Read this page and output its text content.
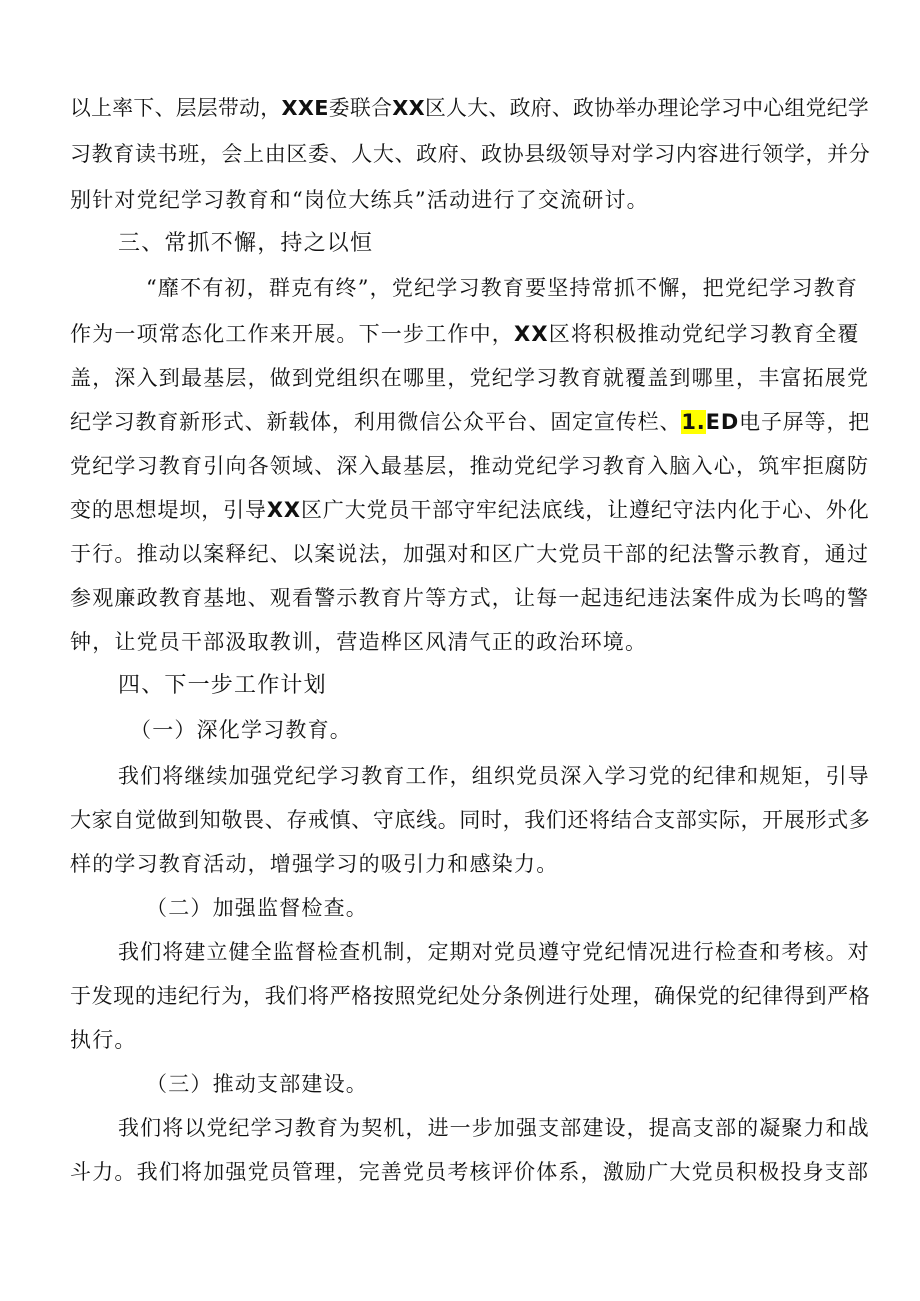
以上率下、层层带动，XXE委联合XX区人大、政府、政协举办理论学习中心组党纪学
习教育读书班，会上由区委、人大、政府、政协县级领导对学习内容进行领学，并分
别针对党纪学习教育和“岗位大练兵”活动进行了交流研讨。
三、常抓不懈，持之以恒
“靡不有初，群克有终”，党纪学习教育要坚持常抓不懈，把党纪学习教育
作为一项常态化工作来开展。下一步工作中，XX区将积极推动党纪学习教育全覆
盖，深入到最基层，做到党组织在哪里，党纪学习教育就覆盖到哪里，丰富拓展党
纪学习教育新形式、新载体，利用微信公众平台、固定宣传栏、1.ED电子屏等，把
党纪学习教育引向各领域、深入最基层，推动党纪学习教育入脑入心，筑牢拒腐防
变的思想堤坝，引导XX区广大党员干部守牢纪法底线，让遵纪守法内化于心、外化
于行。推动以案释纪、以案说法，加强对和区广大党员干部的纪法警示教育，通过
参观廉政教育基地、观看警示教育片等方式，让每一起违纪违法案件成为长鸣的警
钟，让党员干部汲取教训，营造桦区风清气正的政治环境。
四、下一步工作计划
（一）深化学习教育。
我们将继续加强党纪学习教育工作，组织党员深入学习党的纪律和规矩，引导
大家自觉做到知敬畏、存戒慎、守底线。同时，我们还将结合支部实际，开展形式多
样的学习教育活动，增强学习的吸引力和感染力。
（二）加强监督检查。
我们将建立健全监督检查机制，定期对党员遵守党纪情况进行检查和考核。对
于发现的违纪行为，我们将严格按照党纪处分条例进行处理，确保党的纪律得到严格
执行。
（三）推动支部建设。
我们将以党纪学习教育为契机，进一步加强支部建设，提高支部的凝聚力和战
斗力。我们将加强党员管理，完善党员考核评价体系，激励广大党员积极投身支部
